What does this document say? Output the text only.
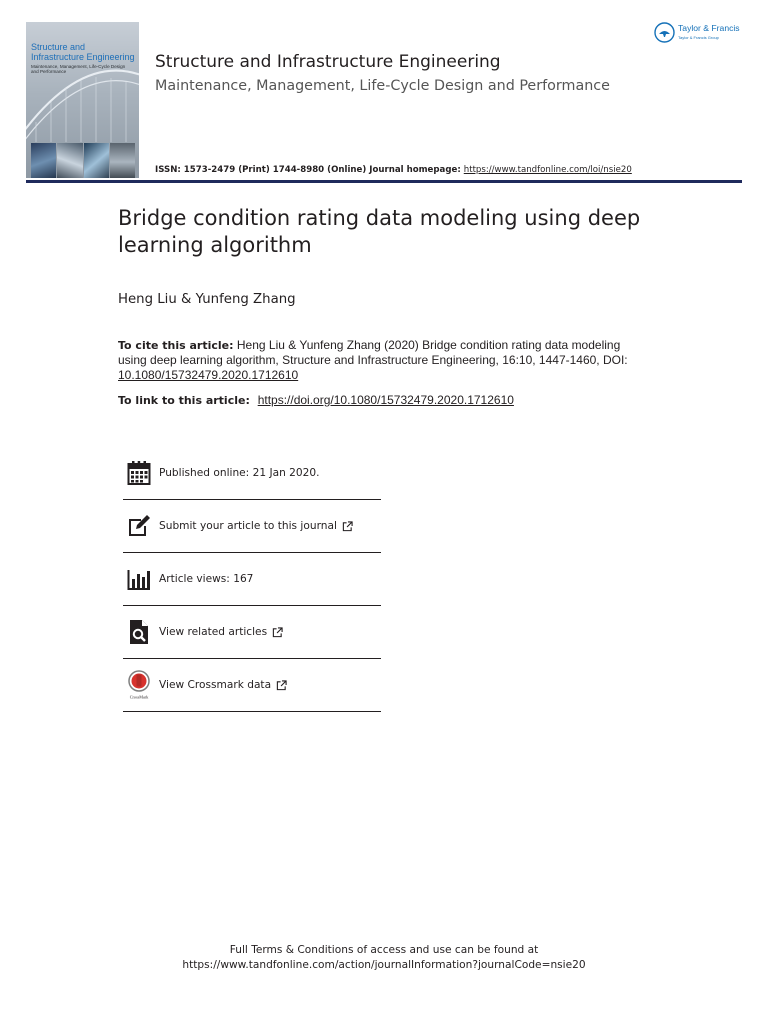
Structure and Infrastructure Engineering
Maintenance, Management, Life-Cycle Design and Performance	Structure and Infrastructure Engineering
Maintenance, Management, Life-Cycle Design and Performance
ISSN: 1573-2479 (Print) 1744-8980 (Online) Journal homepage: https://www.tandfonline.com/loi/nsie20
Taylor & Francis
Taylor & Francis Group
Bridge condition rating data modeling using deep learning algorithm
Heng Liu & Yunfeng Zhang
To cite this article: Heng Liu & Yunfeng Zhang (2020) Bridge condition rating data modeling using deep learning algorithm, Structure and Infrastructure Engineering, 16:10, 1447-1460, DOI: 10.1080/15732479.2020.1712610
To link to this article: https://doi.org/10.1080/15732479.2020.1712610
Published online: 21 Jan 2020.
Submit your article to this journal
Article views: 167
View related articles
CrossMark
View Crossmark data
Full Terms & Conditions of access and use can be found at
https://www.tandfonline.com/action/journalInformation?journalCode=nsie20
